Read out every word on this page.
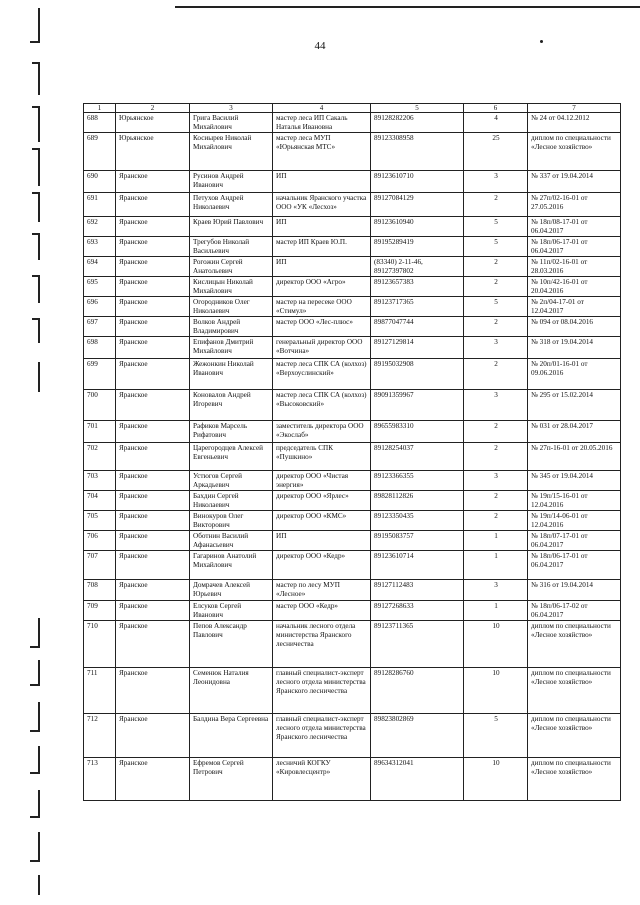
44
1	2	3	4	5	6	7
688	Юрьянское	Грига Василий Михайлович	мастер леса ИП Сакаль Наталья Ивановна	89128282206	4	№ 24 от 04.12.2012
689	Юрьянское	Косиырев Николай Михайлович	мастер леса МУП «Юрьянская МТС»	89123308958	25	диплом по специальности «Лесное хозяйство»
690	Яранское	Русинов Андрей Иванович	ИП	89123610710	3	№ 337 от 19.04.2014
691	Яранское	Петухов Андрей Николаевич	начальник Яранского участка ООО «УК «Лесхоз»	89127084129	2	№ 27п/02-16-01 от 27.05.2016
692	Яранское	Краев Юрий Павлович	ИП	89123610940	5	№ 18п/08-17-01 от 06.04.2017
693	Яранское	Трегубов Николай Васильевич	мастер ИП Краев Ю.П.	89195289419	5	№ 18п/06-17-01 от 06.04.2017
694	Яранское	Рогожин Сергей Анатольевич	ИП	(83340) 2-11-46, 89127397802	2	№ 11п/02-16-01 от 28.03.2016
695	Яранское	Кислицын Николай Михайлович	директор ООО «Агро»	89123657383	2	№ 10п/42-16-01 от 20.04.2016
696	Яранское	Огородников Олег Николаевич	мастер на пересеке ООО «Стимул»	89123717365	5	№ 2п/04-17-01 от 12.04.2017
697	Яранское	Волков Андрей Владимирович	мастер ООО «Лес-плюс»	89877047744	2	№ 094 от 08.04.2016
698	Яранское	Епифанов Дмитрий Михайлович	генеральный директор ООО «Вотчина»	89127129814	3	№ 318 от 19.04.2014
699	Яранское	Жежонкин Николай Иванович	мастер леса СПК СА (колхоз) «Верхоуслинский»	89195032908	2	№ 20п/01-16-01 от 09.06.2016
700	Яранское	Коновалов Андрей Игоревич	мастер леса СПК СА (колхоз) «Высоковский»	89091359967	3	№ 295 от 15.02.2014
701	Яранское	Рафиков Марсель Рифатович	заместитель директора ООО «Экослаб»	89655983310	2	№ 031 от 28.04.2017
702	Яранское	Царегородцев Алексей Евгеньевич	председатель СПК «Пушкино»	89128254037	2	№ 27п-16-01 от 20.05.2016
703	Яранское	Устюгов Сергей Аркадьевич	директор ООО «Чистая энергия»	89123366355	3	№ 345 от 19.04.2014
704	Яранское	Бахдин Сергей Николаевич	директор ООО «Ярлес»	89828112826	2	№ 19п/15-16-01 от 12.04.2016
705	Яранское	Винокуров Олег Викторович	директор ООО «КМС»	89123350435	2	№ 19п/14-06-01 от 12.04.2016
706	Яранское	Оботнин Василий Афанасьевич	ИП	89195083757	1	№ 18п/07-17-01 от 06.04.2017
707	Яранское	Гагаринов Анатолий Михайлович	директор ООО «Кедр»	89123610714	1	№ 18п/06-17-01 от 06.04.2017
708	Яранское	Домрачев Алексей Юрьевич	мастер по лесу МУП «Лесное»	89127112483	3	№ 316 от 19.04.2014
709	Яранское	Елсуков Сергей Иванович	мастер ООО «Кедр»	89127268633	1	№ 18п/06-17-02 от 06.04.2017
710	Яранское	Пепов Александр Павлович	начальник лесного отдела министерства Яранского лесничества	89123711365	10	диплом по специальности «Лесное хозяйство»
711	Яранское	Семенюк Наталия Леонидовна	главный специалист-эксперт лесного отдела министерства Яранского лесничества	89128286760	10	диплом по специальности «Лесное хозяйство»
712	Яранское	Балдина Вера Сергеевна	главный специалист-эксперт лесного отдела министерства Яранского лесничества	89823802869	5	диплом по специальности «Лесное хозяйство»
713	Яранское	Ефремов Сергей Петрович	лесничий КОГКУ «Кировлесцентр»	89634312041	10	диплом по специальности «Лесное хозяйство»
